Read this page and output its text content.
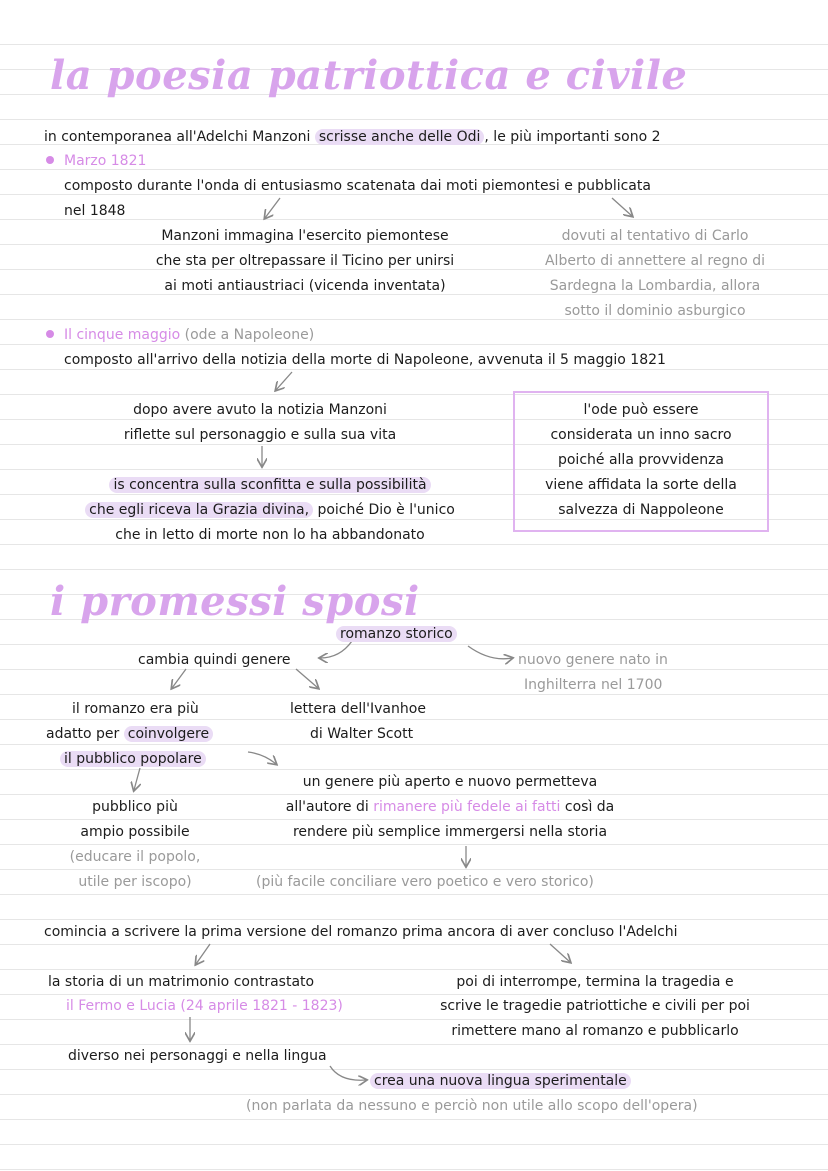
la poesia patriottica e civile
in contemporanea all'Adelchi Manzoni scrisse anche delle Odi , le più importanti sono 2
Marzo 1821
composto durante l'onda di entusiasmo scatenata dai moti piemontesi e pubblicata
nel 1848
Manzoni immagina l'esercito piemontese
che sta per oltrepassare il Ticino per unirsi
ai moti antiaustriaci (vicenda inventata)
dovuti al tentativo di Carlo
Alberto di annettere al regno di
Sardegna la Lombardia, allora
sotto il dominio asburgico
Il cinque maggio (ode a Napoleone)
composto all'arrivo della notizia della morte di Napoleone, avvenuta il 5 maggio 1821
dopo avere avuto la notizia Manzoni
riflette sul personaggio e sulla sua vita
is concentra sulla sconfitta e sulla possibilità
che egli riceva la Grazia divina, poiché Dio è l'unico
che in letto di morte non lo ha abbandonato
l'ode può essere
considerata un inno sacro
poiché alla provvidenza
viene affidata la sorte della
salvezza di Nappoleone
i promessi sposi
romanzo storico
cambia quindi genere	nuovo genere nato in
Inghilterra nel 1700
il romanzo era più
adatto per coinvolgere
il pubblico popolare
lettera dell'Ivanhoe
di Walter Scott
pubblico più
ampio possibile
(educare il popolo,
utile per iscopo)
un genere più aperto e nuovo permetteva
all'autore di rimanere più fedele ai fatti così da
rendere più semplice immergersi nella storia
(più facile conciliare vero poetico e vero storico)
comincia a scrivere la prima versione del romanzo prima ancora di aver concluso l'Adelchi
la storia di un matrimonio contrastato
il Fermo e Lucia (24 aprile 1821 - 1823)
poi di interrompe, termina la tragedia e
scrive le tragedie patriottiche e civili per poi
rimettere mano al romanzo e pubblicarlo
diverso nei personaggi e nella lingua
crea una nuova lingua sperimentale
(non parlata da nessuno e perciò non utile allo scopo dell'opera)
